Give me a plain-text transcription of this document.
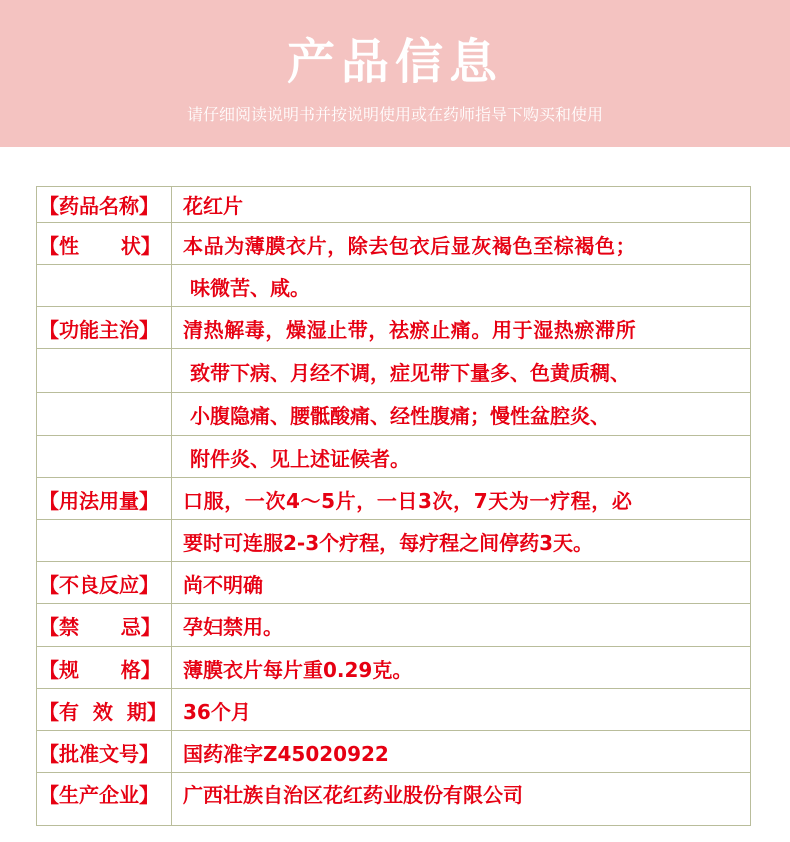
产品信息
请仔细阅读说明书并按说明使用或在药师指导下购买和使用
【药品名称】	花红片
【性      状】	本品为薄膜衣片，除去包衣后显灰褐色至棕褐色；
味微苦、咸。
【功能主治】	清热解毒，燥湿止带，祛瘀止痛。用于湿热瘀滞所
致带下病、月经不调，症见带下量多、色黄质稠、
小腹隐痛、腰骶酸痛、经性腹痛；慢性盆腔炎、
附件炎、见上述证候者。
【用法用量】	口服，一次4～5片，一日3次，7天为一疗程，必
要时可连服2-3个疗程，每疗程之间停药3天。
【不良反应】	尚不明确
【禁      忌】	孕妇禁用。
【规      格】	薄膜衣片每片重0.29克。
【有  效  期】 36个月
【批准文号】	国药准字Z45020922
【生产企业】	广西壮族自治区花红药业股份有限公司
